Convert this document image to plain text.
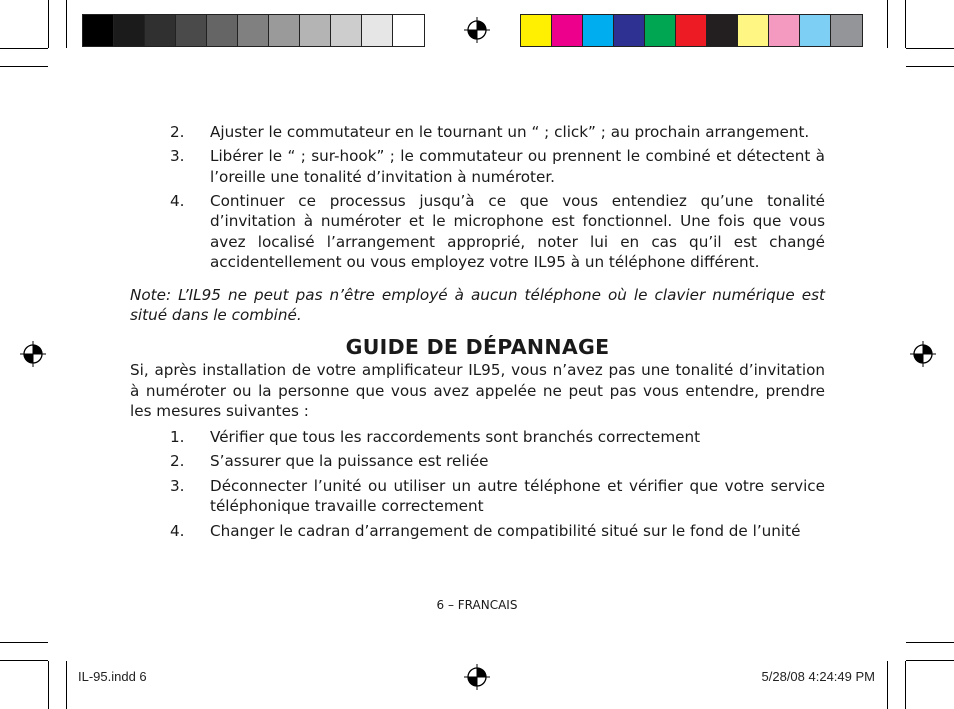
2. Ajuster le commutateur en le tournant un “ ; click” ; au prochain arrangement.
3. Libérer le “ ; sur-hook” ; le commutateur ou prennent le combiné et détectent à l’oreille une tonalité d’invitation à numéroter.
4. Continuer ce processus jusqu’à ce que vous entendiez qu’une tonalité d’invitation à numéroter et le microphone est fonctionnel. Une fois que vous avez localisé l’arrangement approprié, noter lui en cas qu’il est changé accidentellement ou vous employez votre IL95 à un téléphone différent.
Note: L’IL95 ne peut pas n’être employé à aucun téléphone où le clavier numérique est situé dans le combiné.
GUIDE DE DÉPANNAGE
Si, après installation de votre amplificateur IL95, vous n’avez pas une tonalité d’invitation à numéroter ou la personne que vous avez appelée ne peut pas vous entendre, prendre les mesures suivantes :
1. Vérifier que tous les raccordements sont branchés correctement
2. S’assurer que la puissance est reliée
3. Déconnecter l’unité ou utiliser un autre téléphone et vérifier que votre service téléphonique travaille correctement
4. Changer le cadran d’arrangement de compatibilité situé sur le fond de l’unité
6 – FRANCAIS
IL-95.indd 6	5/28/08 4:24:49 PM
